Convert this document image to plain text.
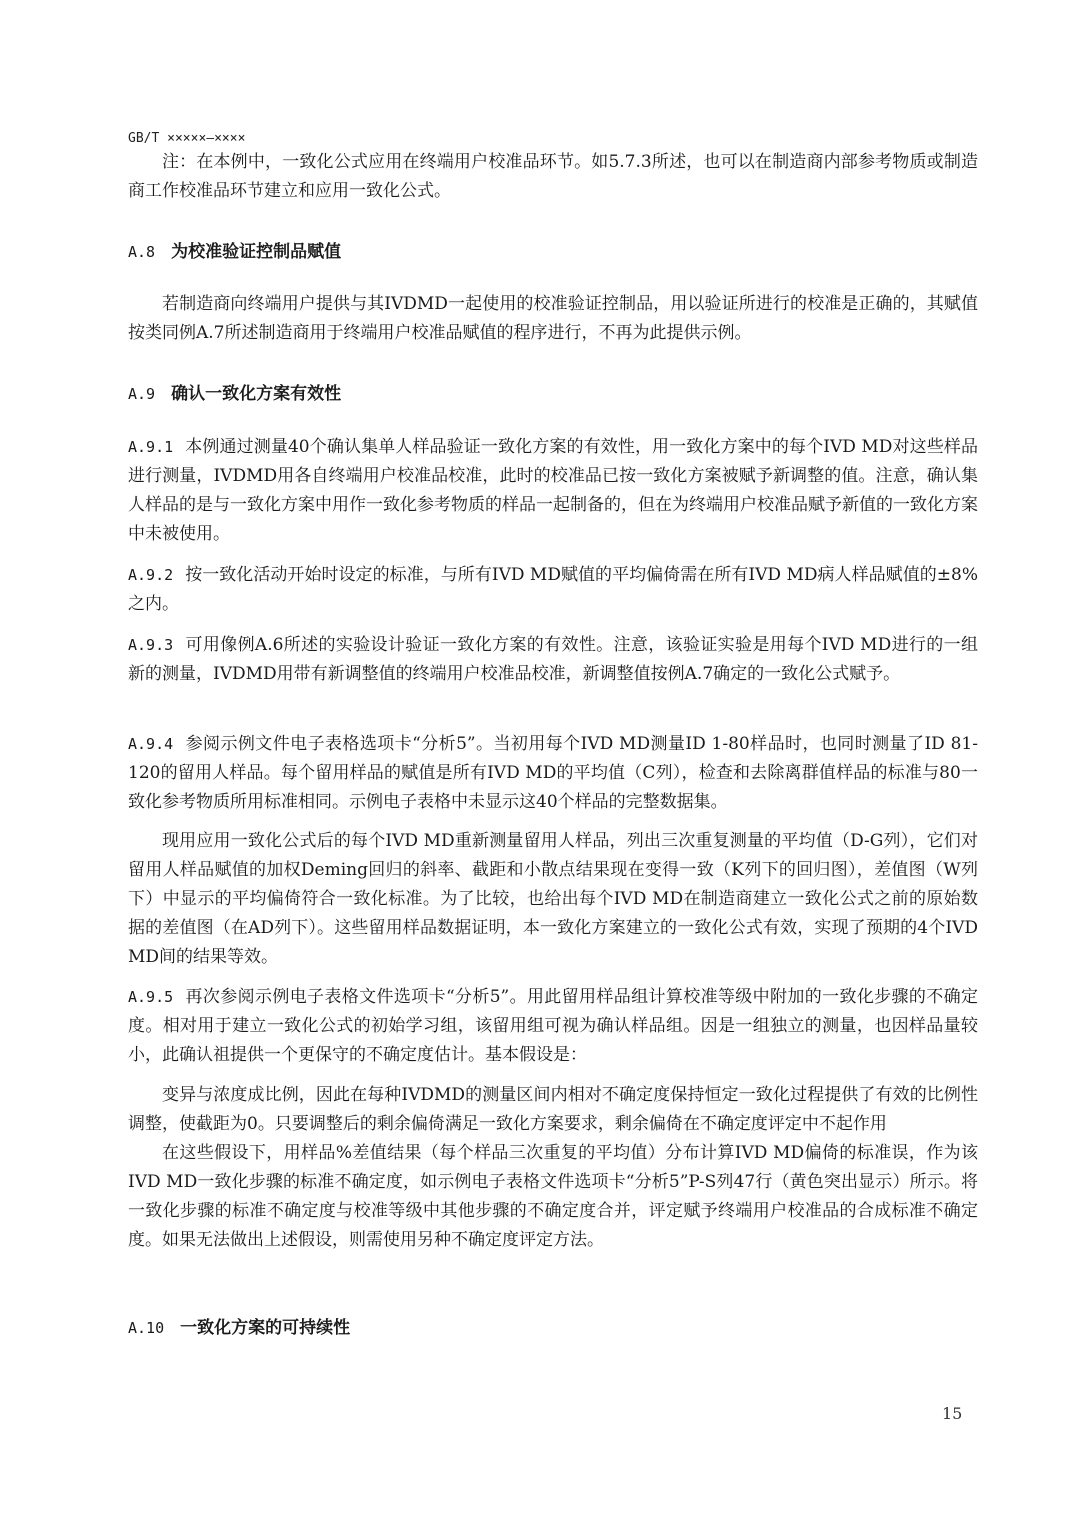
GB/T ×××××—××××

注：在本例中，一致化公式应用在终端用户校准品环节。如5.7.3所述，也可以在制造商内部参考物质或制造商工作校准品环节建立和应用一致化公式。

A.8 为校准验证控制品赋值

若制造商向终端用户提供与其IVDMD一起使用的校准验证控制品，用以验证所进行的校准是正确的，其赋值按类同例A.7所述制造商用于终端用户校准品赋值的程序进行，不再为此提供示例。

A.9 确认一致化方案有效性

A.9.1 本例通过测量40个确认集单人样品验证一致化方案的有效性，用一致化方案中的每个IVD MD对这些样品进行测量，IVDMD用各自终端用户校准品校准，此时的校准品已按一致化方案被赋予新调整的值。注意，确认集人样品的是与一致化方案中用作一致化参考物质的样品一起制备的，但在为终端用户校准品赋予新值的一致化方案中未被使用。

A.9.2 按一致化活动开始时设定的标准，与所有IVD MD赋值的平均偏倚需在所有IVD MD病人样品赋值的±8%之内。

A.9.3 可用像例A.6所述的实验设计验证一致化方案的有效性。注意，该验证实验是用每个IVD MD进行的一组新的测量，IVDMD用带有新调整值的终端用户校准品校准，新调整值按例A.7确定的一致化公式赋予。

A.9.4 参阅示例文件电子表格选项卡“分析5”。当初用每个IVD MD测量ID 1-80样品时，也同时测量了ID 81-120的留用人样品。每个留用样品的赋值是所有IVD MD的平均值（C列），检查和去除离群值样品的标准与80一致化参考物质所用标准相同。示例电子表格中未显示这40个样品的完整数据集。

现用应用一致化公式后的每个IVD MD重新测量留用人样品，列出三次重复测量的平均值（D-G列），它们对留用人样品赋值的加权Deming回归的斜率、截距和小散点结果现在变得一致（K列下的回归图），差值图（W列下）中显示的平均偏倚符合一致化标准。为了比较，也给出每个IVD MD在制造商建立一致化公式之前的原始数据的差值图（在AD列下）。这些留用样品数据证明，本一致化方案建立的一致化公式有效，实现了预期的4个IVD MD间的结果等效。

A.9.5 再次参阅示例电子表格文件选项卡“分析5”。用此留用样品组计算校准等级中附加的一致化步骤的不确定度。相对用于建立一致化公式的初始学习组，该留用组可视为确认样品组。因是一组独立的测量，也因样品量较小，此确认祖提供一个更保守的不确定度估计。基本假设是：

变异与浓度成比例，因此在每种IVDMD的测量区间内相对不确定度保持恒定一致化过程提供了有效的比例性调整，使截距为0。只要调整后的剩余偏倚满足一致化方案要求，剩余偏倚在不确定度评定中不起作用

在这些假设下，用样品%差值结果（每个样品三次重复的平均值）分布计算IVD MD偏倚的标准误，作为该IVD MD一致化步骤的标准不确定度，如示例电子表格文件选项卡“分析5”P-S列47行（黄色突出显示）所示。将一致化步骤的标准不确定度与校准等级中其他步骤的不确定度合并，评定赋予终端用户校准品的合成标准不确定度。如果无法做出上述假设，则需使用另种不确定度评定方法。

A.10 一致化方案的可持续性
15
